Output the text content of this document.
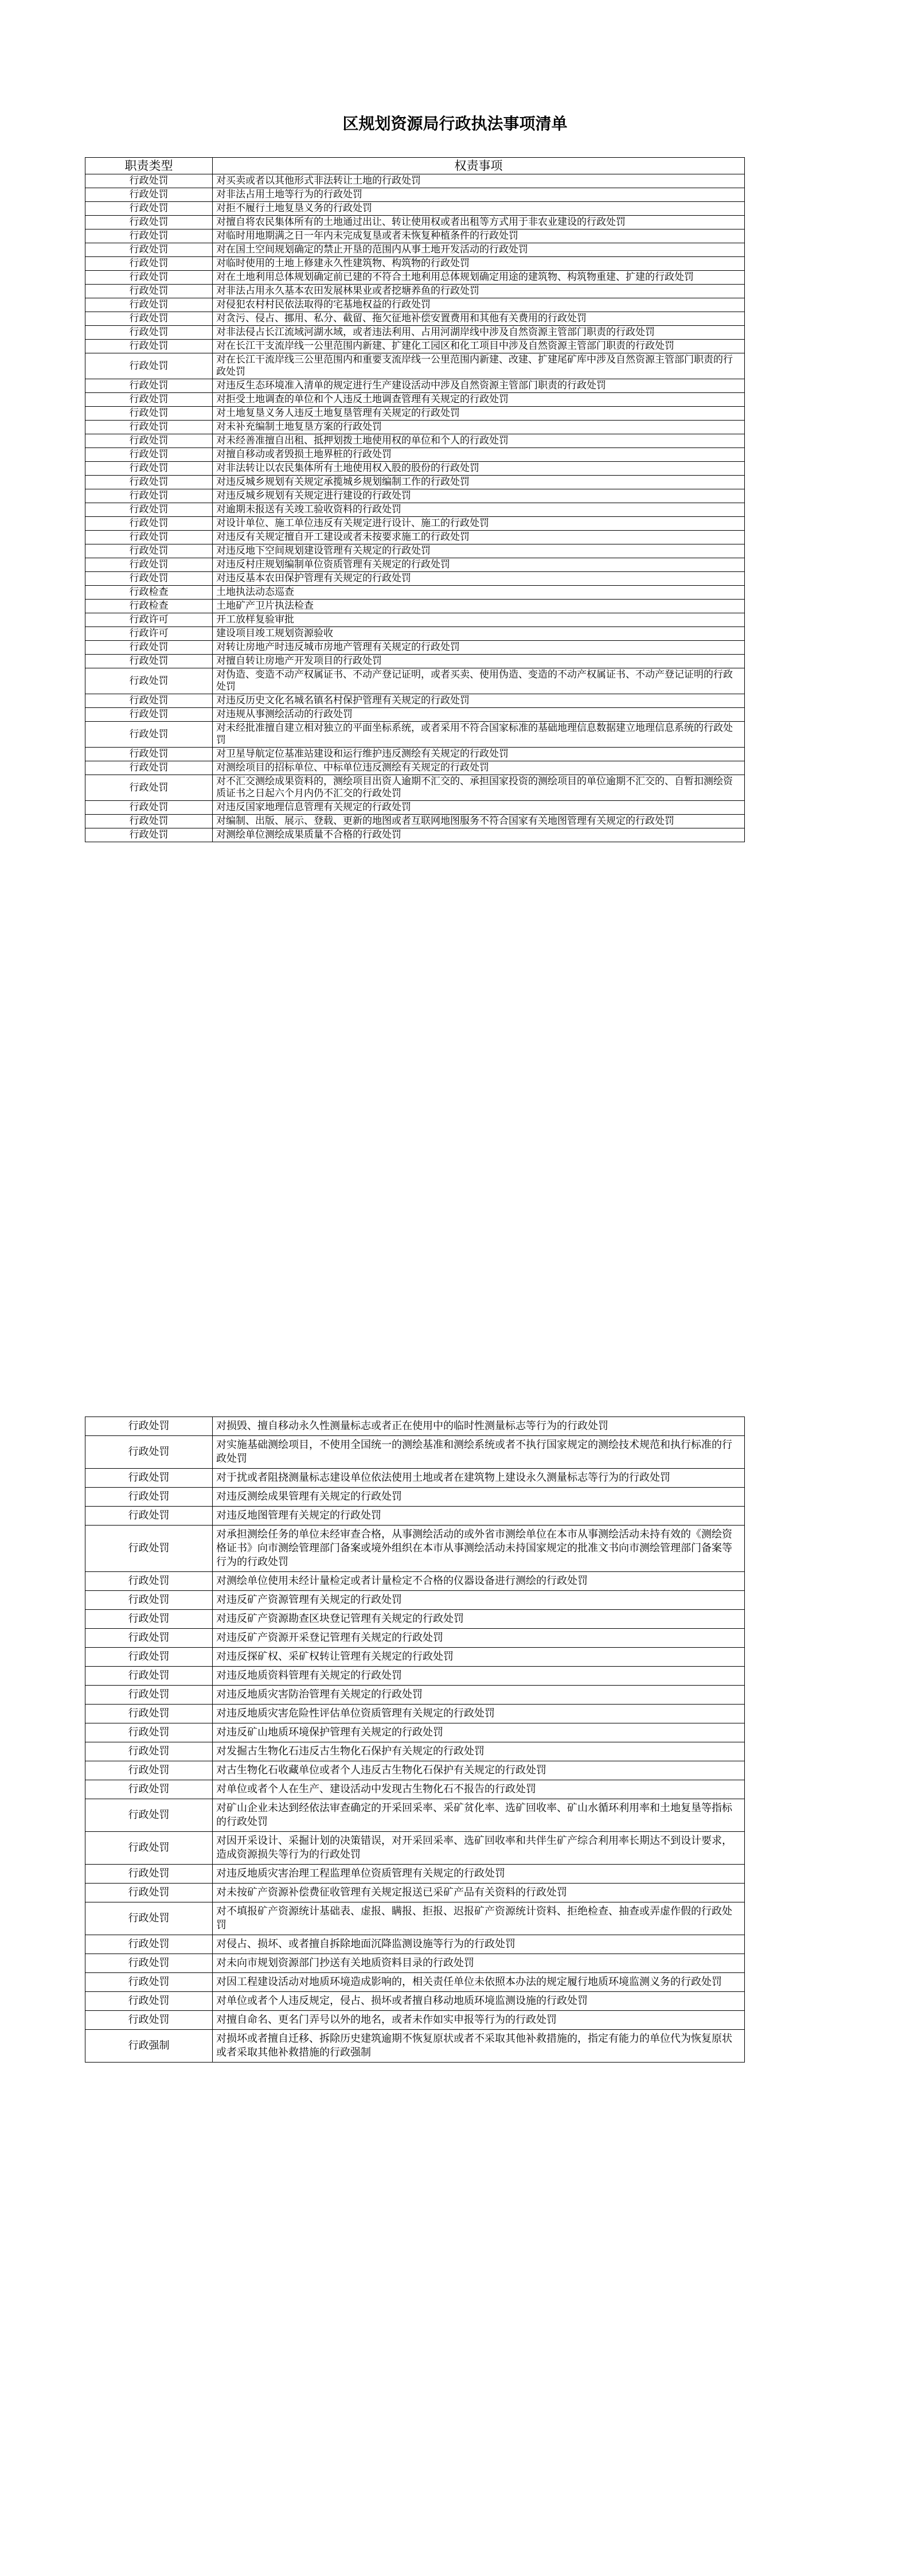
区规划资源局行政执法事项清单
职责类型	权责事项
行政处罚	对买卖或者以其他形式非法转让土地的行政处罚
行政处罚	对非法占用土地等行为的行政处罚
行政处罚	对拒不履行土地复垦义务的行政处罚
行政处罚	对擅自将农民集体所有的土地通过出让、转让使用权或者出租等方式用于非农业建设的行政处罚
行政处罚	对临时用地期满之日一年内未完成复垦或者未恢复种植条件的行政处罚
行政处罚	对在国土空间规划确定的禁止开垦的范围内从事土地开发活动的行政处罚
行政处罚	对临时使用的土地上修建永久性建筑物、构筑物的行政处罚
行政处罚	对在土地利用总体规划确定前已建的不符合土地利用总体规划确定用途的建筑物、构筑物重建、扩建的行政处罚
行政处罚	对非法占用永久基本农田发展林果业或者挖塘养鱼的行政处罚
行政处罚	对侵犯农村村民依法取得的宅基地权益的行政处罚
行政处罚	对贪污、侵占、挪用、私分、截留、拖欠征地补偿安置费用和其他有关费用的行政处罚
行政处罚	对非法侵占长江流域河湖水域，或者违法利用、占用河湖岸线中涉及自然资源主管部门职责的行政处罚
行政处罚	对在长江干支流岸线一公里范围内新建、扩建化工园区和化工项目中涉及自然资源主管部门职责的行政处罚
行政处罚	对在长江干流岸线三公里范围内和重要支流岸线一公里范围内新建、改建、扩建尾矿库中涉及自然资源主管部门职责的行政处罚
行政处罚	对违反生态环境准入清单的规定进行生产建设活动中涉及自然资源主管部门职责的行政处罚
行政处罚	对拒受土地调查的单位和个人违反土地调查管理有关规定的行政处罚
行政处罚	对土地复垦义务人违反土地复垦管理有关规定的行政处罚
行政处罚	对未补充编制土地复垦方案的行政处罚
行政处罚	对未经善准擅自出租、抵押划拨土地使用权的单位和个人的行政处罚
行政处罚	对擅自移动或者毁损土地界桩的行政处罚
行政处罚	对非法转让以农民集体所有土地使用权入股的股份的行政处罚
行政处罚	对违反城乡规划有关规定承揽城乡规划编制工作的行政处罚
行政处罚	对违反城乡规划有关规定进行建设的行政处罚
行政处罚	对逾期未报送有关竣工验收资料的行政处罚
行政处罚	对设计单位、施工单位违反有关规定进行设计、施工的行政处罚
行政处罚	对违反有关规定擅自开工建设或者未按要求施工的行政处罚
行政处罚	对违反地下空间规划建设管理有关规定的行政处罚
行政处罚	对违反村庄规划编制单位资质管理有关规定的行政处罚
行政处罚	对违反基本农田保护管理有关规定的行政处罚
行政检查	土地执法动态巡查
行政检查	土地矿产卫片执法检查
行政许可	开工放样复验审批
行政许可	建设项目竣工规划资源验收
行政处罚	对转让房地产时违反城市房地产管理有关规定的行政处罚
行政处罚	对擅自转让房地产开发项目的行政处罚
行政处罚	对伪造、变造不动产权属证书、不动产登记证明，或者买卖、使用伪造、变造的不动产权属证书、不动产登记证明的行政处罚
行政处罚	对违反历史文化名城名镇名村保护管理有关规定的行政处罚
行政处罚	对违规从事测绘活动的行政处罚
行政处罚	对未经批准擅自建立相对独立的平面坐标系统，或者采用不符合国家标准的基础地理信息数据建立地理信息系统的行政处罚
行政处罚	对卫星导航定位基准站建设和运行维护违反测绘有关规定的行政处罚
行政处罚	对测绘项目的招标单位、中标单位违反测绘有关规定的行政处罚
行政处罚	对不汇交测绘成果资料的，测绘项目出资人逾期不汇交的、承担国家投资的测绘项目的单位逾期不汇交的、自暂扣测绘资质证书之日起六个月内仍不汇交的行政处罚
行政处罚	对违反国家地理信息管理有关规定的行政处罚
行政处罚	对编制、出版、展示、登载、更新的地图或者互联网地图服务不符合国家有关地图管理有关规定的行政处罚
行政处罚	对测绘单位测绘成果质量不合格的行政处罚
行政处罚	对损毁、擅自移动永久性测量标志或者正在使用中的临时性测量标志等行为的行政处罚
行政处罚	对实施基础测绘项目，不使用全国统一的测绘基准和测绘系统或者不执行国家规定的测绘技术规范和执行标准的行政处罚
行政处罚	对于扰或者阻挠测量标志建设单位依法使用土地或者在建筑物上建设永久测量标志等行为的行政处罚
行政处罚	对违反测绘成果管理有关规定的行政处罚
行政处罚	对违反地图管理有关规定的行政处罚
行政处罚	对承担测绘任务的单位未经审查合格，从事测绘活动的或外省市测绘单位在本市从事测绘活动未持有效的《测绘资格证书》向市测绘管理部门备案或境外组织在本市从事测绘活动未持国家规定的批准文书向市测绘管理部门备案等行为的行政处罚
行政处罚	对测绘单位使用未经计量检定或者计量检定不合格的仪器设备进行测绘的行政处罚
行政处罚	对违反矿产资源管理有关规定的行政处罚
行政处罚	对违反矿产资源勘查区块登记管理有关规定的行政处罚
行政处罚	对违反矿产资源开采登记管理有关规定的行政处罚
行政处罚	对违反探矿权、采矿权转让管理有关规定的行政处罚
行政处罚	对违反地质资料管理有关规定的行政处罚
行政处罚	对违反地质灾害防治管理有关规定的行政处罚
行政处罚	对违反地质灾害危险性评估单位资质管理有关规定的行政处罚
行政处罚	对违反矿山地质环境保护管理有关规定的行政处罚
行政处罚	对发掘古生物化石违反古生物化石保护有关规定的行政处罚
行政处罚	对古生物化石收藏单位或者个人违反古生物化石保护有关规定的行政处罚
行政处罚	对单位或者个人在生产、建设活动中发现古生物化石不报告的行政处罚
行政处罚	对矿山企业未达到经依法审查确定的开采回采率、采矿贫化率、选矿回收率、矿山水循环利用率和土地复垦等指标的行政处罚
行政处罚	对因开采设计、采掘计划的决策错误，对开采回采率、选矿回收率和共伴生矿产综合利用率长期达不到设计要求，造成资源损失等行为的行政处罚
行政处罚	对违反地质灾害治理工程监理单位资质管理有关规定的行政处罚
行政处罚	对未按矿产资源补偿费征收管理有关规定报送已采矿产品有关资料的行政处罚
行政处罚	对不填报矿产资源统计基础表、虚报、瞒报、拒报、迟报矿产资源统计资料、拒绝检查、抽查或弄虚作假的行政处罚
行政处罚	对侵占、损坏、或者擅自拆除地面沉降监测设施等行为的行政处罚
行政处罚	对未向市规划资源部门抄送有关地质资料目录的行政处罚
行政处罚	对因工程建设活动对地质环境造成影响的，相关责任单位未依照本办法的规定履行地质环境监测义务的行政处罚
行政处罚	对单位或者个人违反规定，侵占、损坏或者擅自移动地质环境监测设施的行政处罚
行政处罚	对擅自命名、更名门弄号以外的地名，或者未作如实申报等行为的行政处罚
行政强制	对损坏或者擅自迁移、拆除历史建筑逾期不恢复原状或者不采取其他补救措施的，指定有能力的单位代为恢复原状或者采取其他补救措施的行政强制
